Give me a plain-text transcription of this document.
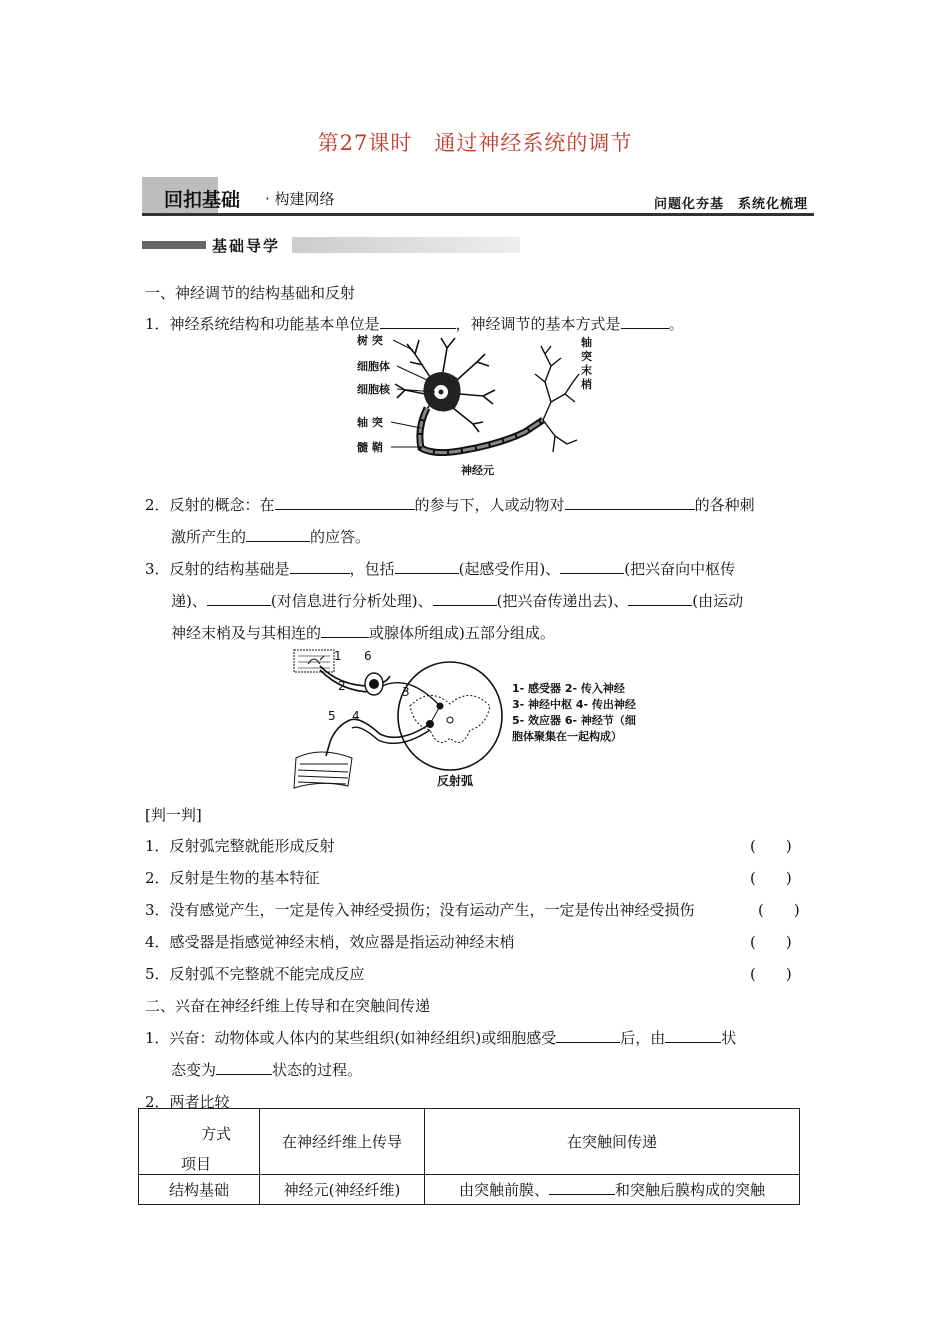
第27课时　通过神经系统的调节
回扣基础 · 构建网络	问题化夯基　系统化梳理
基础导学
一、神经调节的结构基础和反射
1．神经系统结构和功能基本单位是	，神经调节的基本方式是	。
树 突
细胞体
细胞核
轴 突
髓 鞘
轴
突
末
梢
神经元
2．反射的概念：在	的参与下，人或动物对	的各种刺
激所产生的	的应答。
3．反射的结构基础是	，包括	(起感受作用)、	(把兴奋向中枢传
递)、	(对信息进行分析处理)、	(把兴奋传递出去)、	(由运动
神经末梢及与其相连的	或腺体所组成)五部分组成。
1
2	3
4
5
6
1- 感受器 2- 传入神经
3- 神经中枢 4- 传出神经
5- 效应器 6- 神经节（细
胞体聚集在一起构成）
反射弧
[判一判]
1．反射弧完整就能形成反射	(　　)
2．反射是生物的基本特征	(　　)
3．没有感觉产生，一定是传入神经受损伤；没有运动产生，一定是传出神经受损伤	(　　)
4．感受器是指感觉神经末梢，效应器是指运动神经末梢	(　　)
5．反射弧不完整就不能完成反应	(　　)
二、兴奋在神经纤维上传导和在突触间传递
1．兴奋：动物体或人体内的某些组织(如神经组织)或细胞感受	后，由	状
态变为	状态的过程。
2．两者比较
方式
项目	在神经纤维上传导	在突触间传递
结构基础	神经元(神经纤维)	由突触前膜、 和突触后膜构成的突触
